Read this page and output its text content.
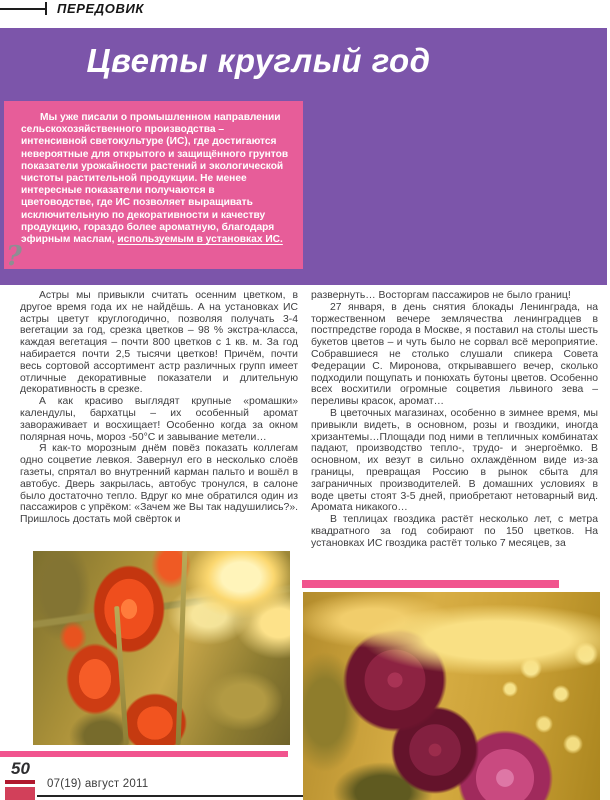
ПЕРЕДОВИК
Цветы круглый год

Мы уже писали о промышленном направлении сельскохозяйственного производства – интенсивной светокультуре (ИС), где достигаются невероятные для открытого и защищённого грунтов показатели урожайности растений и экологической чистоты растительной продукции. Не менее интересные показатели получаются в цветоводстве, где ИС позволяет выращивать исключительную по декоративности и качеству продукцию, гораздо более ароматную, благодаря эфирным маслам, используемым в установках ИС.

?

Астры мы привыкли считать осенним цветком, в другое время года их не найдёшь. А на установках ИС астры цветут круглогодично, позволяя получать 3-4 вегетации за год, срезка цветков – 98 % экстра-класса, каждая вегетация – почти 800 цветков с 1 кв. м. За год набирается почти 2,5 тысячи цветков! Причём, почти весь сортовой ассортимент астр различных групп имеет отличные декоративные показатели и длительную декоративность в срезке.

А как красиво выглядят крупные «ромашки» календулы, бархатцы – их особенный аромат завораживает и восхищает! Особенно когда за окном полярная ночь, мороз -50°С и завывание метели…

Я как-то морозным днём повёз показать коллегам одно соцветие левкоя. Завернул его в несколько слоёв газеты, спрятал во внутренний карман пальто и вошёл в автобус. Дверь закрылась, автобус тронулся, в салоне было достаточно тепло. Вдруг ко мне обратился один из пассажиров с упрёком: «Зачем же Вы так надушились?». Пришлось достать мой свёрток и

развернуть… Восторгам пассажиров не было границ!

27 января, в день снятия блокады Ленинграда, на торжественном вечере землячества ленинградцев в постпредстве города в Москве, я поставил на столы шесть букетов цветов – и чуть было не сорвал всё мероприятие. Собравшиеся не столько слушали спикера Совета Федерации С. Миронова, открывавшего вечер, сколько подходили пощупать и понюхать бутоны цветов. Особенно всех восхитили огромные соцветия львиного зева – переливы красок, аромат…

В цветочных магазинах, особенно в зимнее время, мы привыкли видеть, в основном, розы и гвоздики, иногда хризантемы…Площади под ними в тепличных комбинатах падают, производство тепло-, трудо- и энергоёмко. В основном, их везут в сильно охлаждённом виде из-за границы, превращая Россию в рынок сбыта для заграничных производителей. В домашних условиях в воде цветы стоят 3-5 дней, приобретают нетоварный вид. Аромата никакого…

В теплицах гвоздика растёт несколько лет, с метра квадратного за год собирают по 150 цветков. На установках ИС гвоздика растёт только 7 месяцев, за

50
07(19) август 2011
